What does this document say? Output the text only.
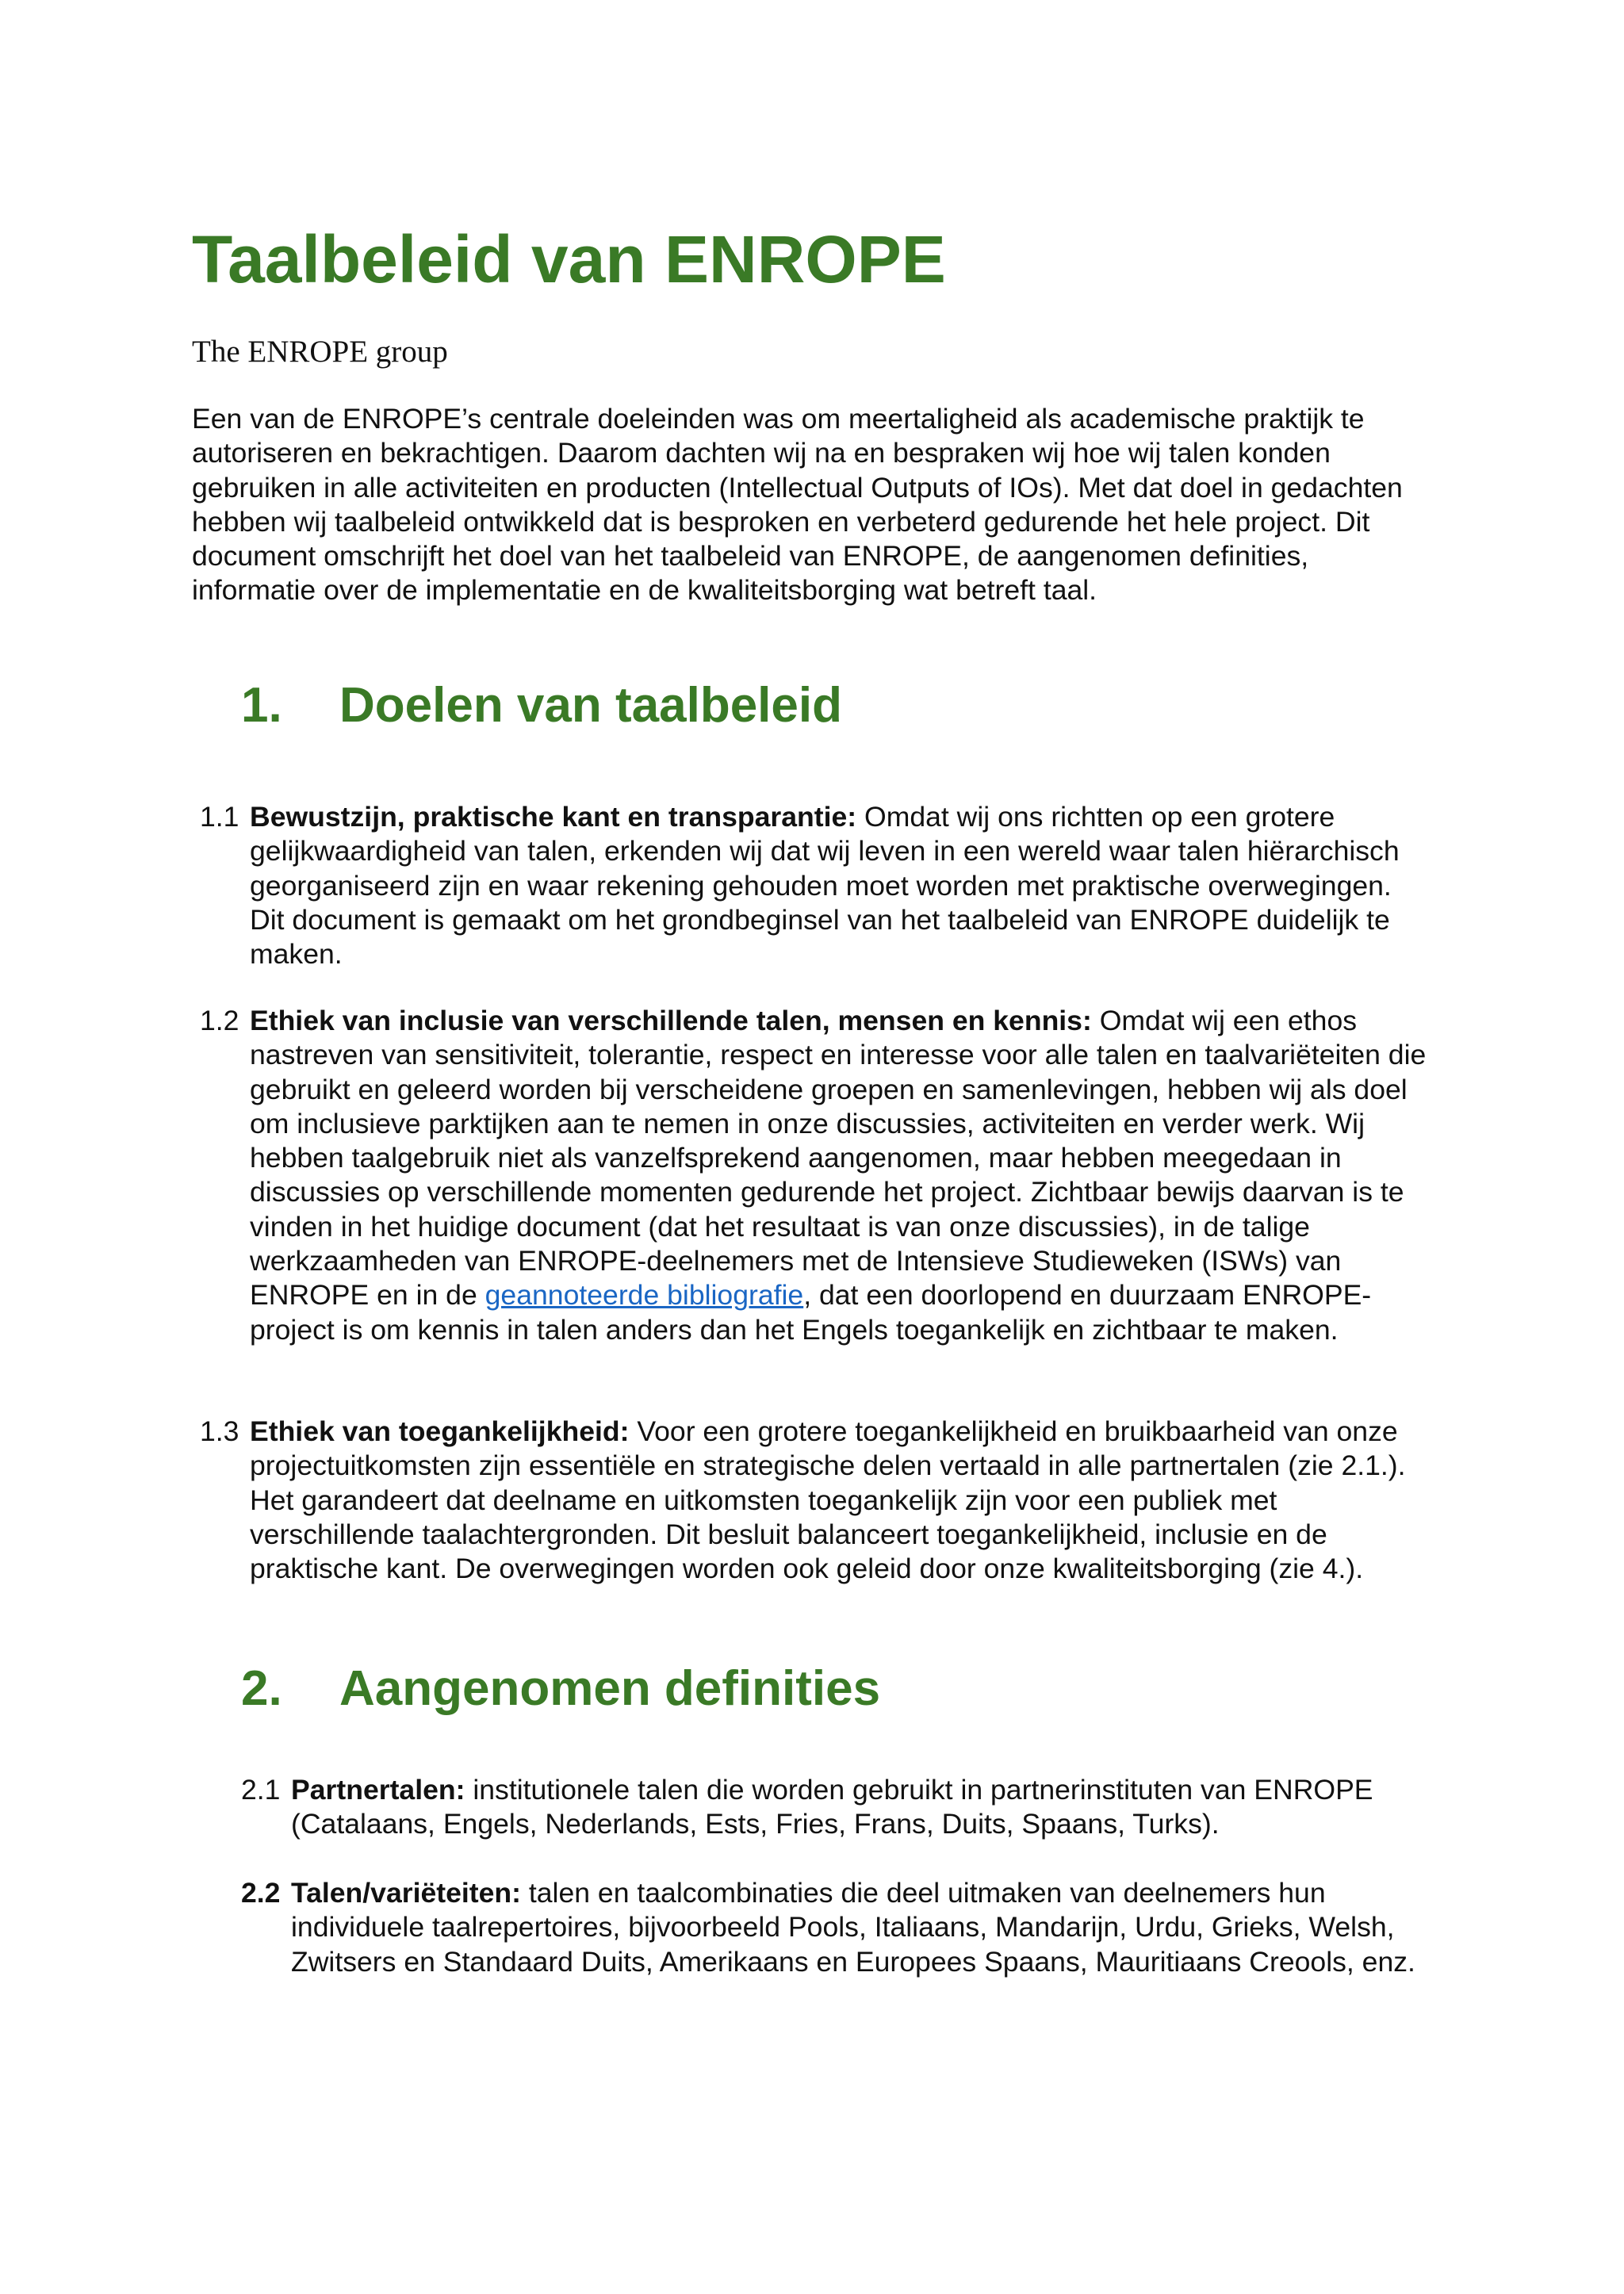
Taalbeleid van ENROPE

The ENROPE group

Een van de ENROPE’s centrale doeleinden was om meertaligheid als academische praktijk te autoriseren en bekrachtigen. Daarom dachten wij na en bespraken wij hoe wij talen konden gebruiken in alle activiteiten en producten (Intellectual Outputs of IOs). Met dat doel in gedachten hebben wij taalbeleid ontwikkeld dat is besproken en verbeterd gedurende het hele project. Dit document omschrijft het doel van het taalbeleid van ENROPE, de aangenomen definities, informatie over de implementatie en de kwaliteitsborging wat betreft taal.

1. Doelen van taalbeleid
1.1 Bewustzijn, praktische kant en transparantie: Omdat wij ons richtten op een grotere gelijkwaardigheid van talen, erkenden wij dat wij leven in een wereld waar talen hiërarchisch georganiseerd zijn en waar rekening gehouden moet worden met praktische overwegingen. Dit document is gemaakt om het grondbeginsel van het taalbeleid van ENROPE duidelijk te maken.
1.2 Ethiek van inclusie van verschillende talen, mensen en kennis: Omdat wij een ethos nastreven van sensitiviteit, tolerantie, respect en interesse voor alle talen en taalvariëteiten die gebruikt en geleerd worden bij verscheidene groepen en samenlevingen, hebben wij als doel om inclusieve parktijken aan te nemen in onze discussies, activiteiten en verder werk. Wij hebben taalgebruik niet als vanzelfsprekend aangenomen, maar hebben meegedaan in discussies op verschillende momenten gedurende het project. Zichtbaar bewijs daarvan is te vinden in het huidige document (dat het resultaat is van onze discussies), in de talige werkzaamheden van ENROPE-deelnemers met de Intensieve Studieweken (ISWs) van ENROPE en in de geannoteerde bibliografie, dat een doorlopend en duurzaam ENROPE-project is om kennis in talen anders dan het Engels toegankelijk en zichtbaar te maken.
1.3 Ethiek van toegankelijkheid: Voor een grotere toegankelijkheid en bruikbaarheid van onze projectuitkomsten zijn essentiële en strategische delen vertaald in alle partnertalen (zie 2.1.). Het garandeert dat deelname en uitkomsten toegankelijk zijn voor een publiek met verschillende taalachtergronden. Dit besluit balanceert toegankelijkheid, inclusie en de praktische kant. De overwegingen worden ook geleid door onze kwaliteitsborging (zie 4.).
2. Aangenomen definities
2.1 Partnertalen: institutionele talen die worden gebruikt in partnerinstituten van ENROPE (Catalaans, Engels, Nederlands, Ests, Fries, Frans, Duits, Spaans, Turks).
2.2 Talen/variëteiten: talen en taalcombinaties die deel uitmaken van deelnemers hun individuele taalrepertoires, bijvoorbeeld Pools, Italiaans, Mandarijn, Urdu, Grieks, Welsh, Zwitsers en Standaard Duits, Amerikaans en Europees Spaans, Mauritiaans Creools, enz.
